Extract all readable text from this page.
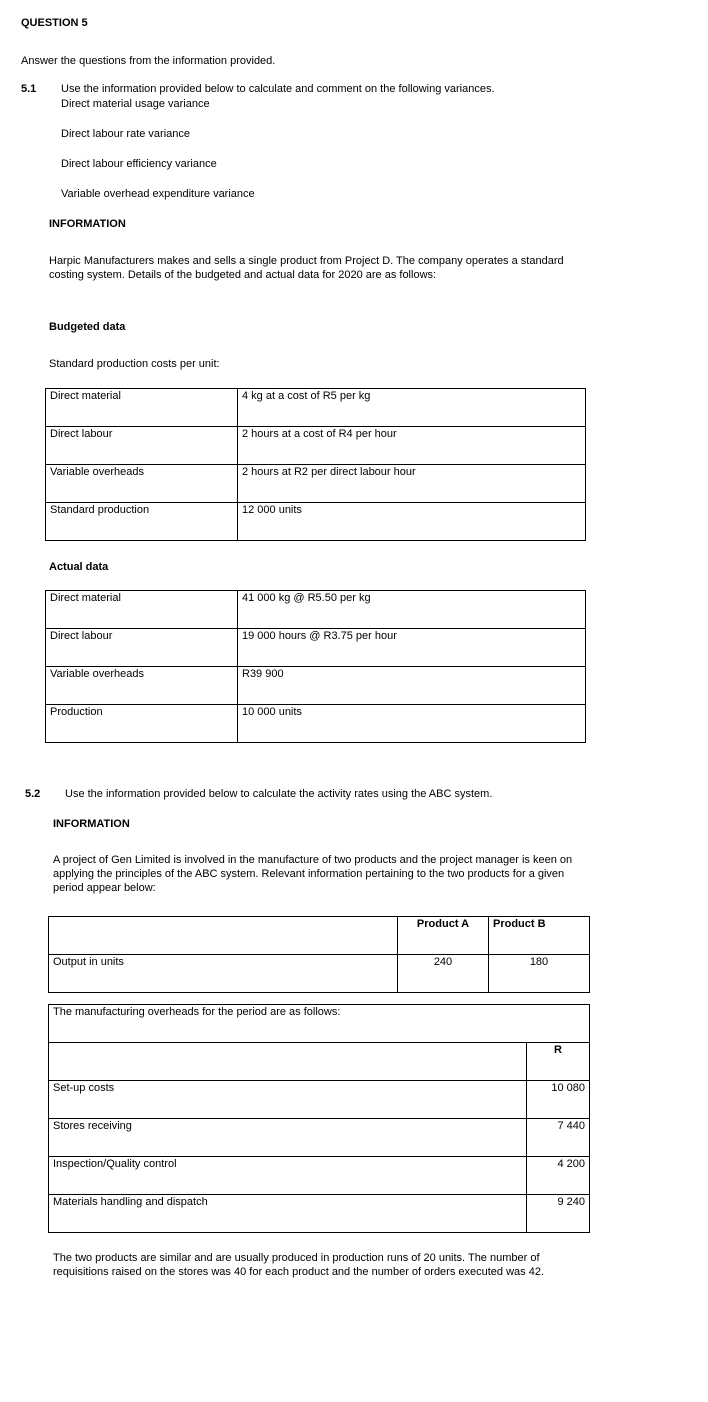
QUESTION 5
Answer the questions from the information provided.
5.1 Use the information provided below to calculate and comment on the following variances.
Direct material usage variance
Direct labour rate variance
Direct labour efficiency variance
Variable overhead expenditure variance
INFORMATION
Harpic Manufacturers makes and sells a single product from Project D. The company operates a standard costing system. Details of the budgeted and actual data for 2020 are as follows:
Budgeted data
Standard production costs per unit:
Direct material	4 kg at a cost of R5 per kg
Direct labour	2 hours at a cost of R4 per hour
Variable overheads	2 hours at R2 per direct labour hour
Standard production	12 000 units
Actual data
Direct material	41 000 kg @ R5.50 per kg
Direct labour	19 000 hours @ R3.75 per hour
Variable overheads	R39 900
Production	10 000 units
5.2 Use the information provided below to calculate the activity rates using the ABC system.
INFORMATION
A project of Gen Limited is involved in the manufacture of two products and the project manager is keen on applying the principles of the ABC system. Relevant information pertaining to the two products for a given period appear below:
	Product A	Product B
Output in units	240	180
The manufacturing overheads for the period are as follows:	
	R
Set-up costs	10 080
Stores receiving	7 440
Inspection/Quality control	4 200
Materials handling and dispatch	9 240
The two products are similar and are usually produced in production runs of 20 units. The number of requisitions raised on the stores was 40 for each product and the number of orders executed was 42.
